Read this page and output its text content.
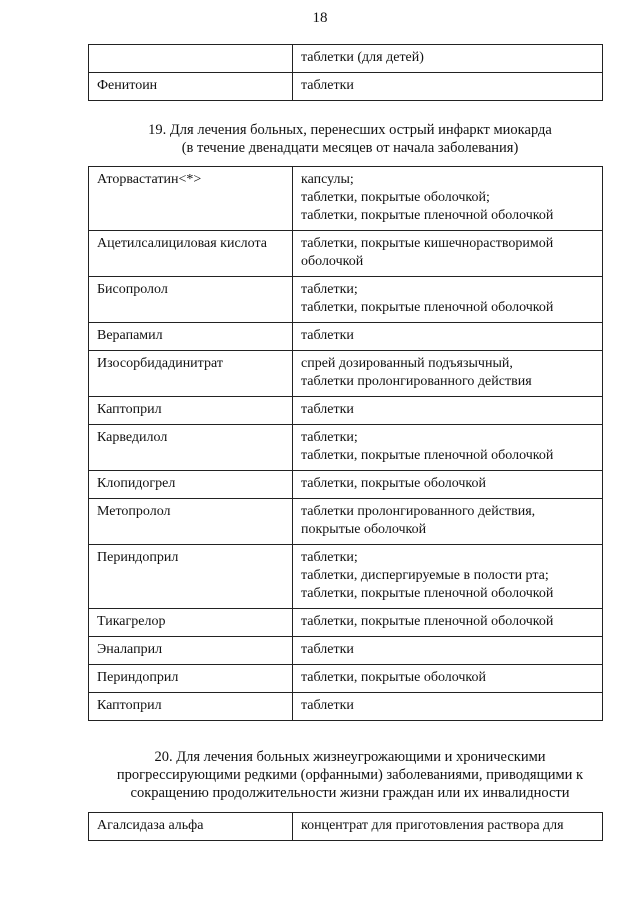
18

	таблетки (для детей)

Фенитоин	таблетки
19. Для лечения больных, перенесших острый инфаркт миокарда
(в течение двенадцати месяцев от начала заболевания)
Аторвастатин<*>	капсулы;
таблетки, покрытые оболочкой;
таблетки, покрытые пленочной оболочкой

Ацетилсалициловая кислота	таблетки, покрытые кишечнорастворимой
оболочкой

Бисопролол	таблетки;
таблетки, покрытые пленочной оболочкой

Верапамил	таблетки

Изосорбидадинитрат	спрей дозированный подъязычный,
таблетки пролонгированного действия

Каптоприл	таблетки

Карведилол	таблетки;
таблетки, покрытые пленочной оболочкой

Клопидогрел	таблетки, покрытые оболочкой

Метопролол	таблетки пролонгированного действия,
покрытые оболочкой

Периндоприл	таблетки;
таблетки, диспергируемые в полости рта;
таблетки, покрытые пленочной оболочкой

Тикагрелор	таблетки, покрытые пленочной оболочкой

Эналаприл	таблетки

Периндоприл	таблетки, покрытые оболочкой

Каптоприл	таблетки
20. Для лечения больных жизнеугрожающими и хроническими
прогрессирующими редкими (орфанными) заболеваниями, приводящими к
сокращению продолжительности жизни граждан или их инвалидности
Агалсидаза альфа	концентрат для приготовления раствора для
